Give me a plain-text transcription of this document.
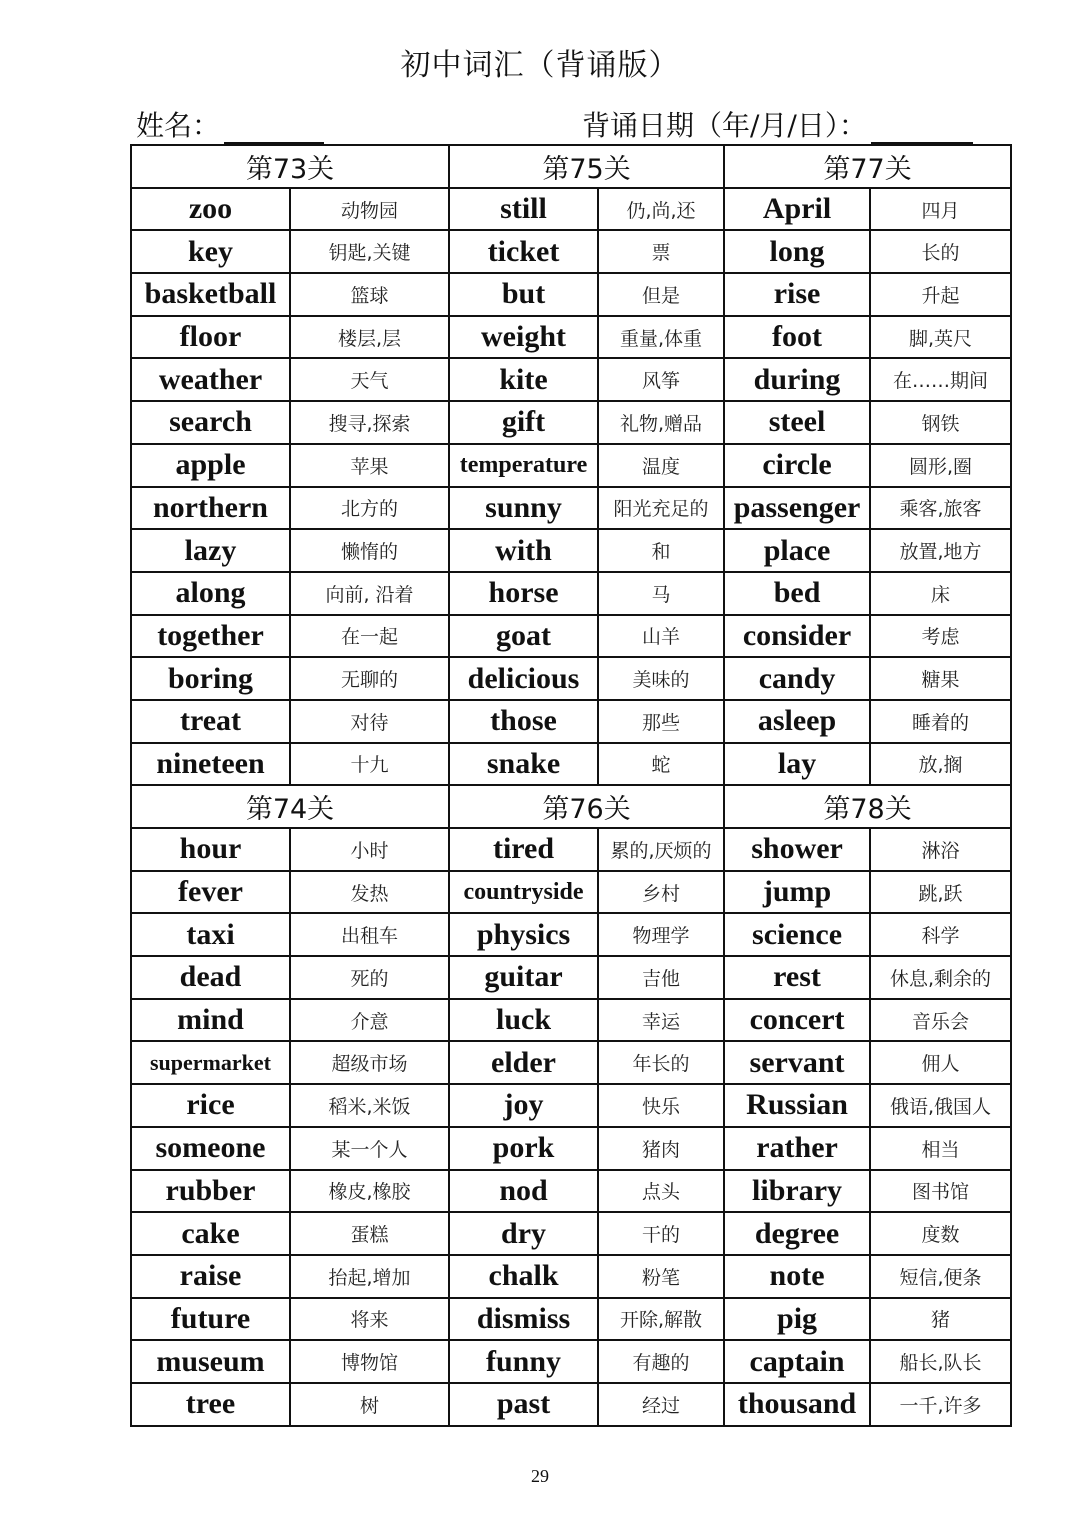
初中词汇（背诵版）
姓名：	背诵日期（年/月/日）：
第73关		第75关		第77关	
zoo	动物园	still	仍,尚,还	April	四月
key	钥匙,关键	ticket	票	long	长的
basketball	篮球	but	但是	rise	升起
floor	楼层,层	weight	重量,体重	foot	脚,英尺
weather	天气	kite	风筝	during	在……期间
search	搜寻,探索	gift	礼物,赠品	steel	钢铁
apple	苹果	temperature	温度	circle	圆形,圈
northern	北方的	sunny	阳光充足的	passenger	乘客,旅客
lazy	懒惰的	with	和	place	放置,地方
along	向前, 沿着	horse	马	bed	床
together	在一起	goat	山羊	consider	考虑
boring	无聊的	delicious	美味的	candy	糖果
treat	对待	those	那些	asleep	睡着的
nineteen	十九	snake	蛇	lay	放,搁
第74关		第76关		第78关	
hour	小时	tired	累的,厌烦的	shower	淋浴
fever	发热	countryside	乡村	jump	跳,跃
taxi	出租车	physics	物理学	science	科学
dead	死的	guitar	吉他	rest	休息,剩余的
mind	介意	luck	幸运	concert	音乐会
supermarket	超级市场	elder	年长的	servant	佣人
rice	稻米,米饭	joy	快乐	Russian	俄语,俄国人
someone	某一个人	pork	猪肉	rather	相当
rubber	橡皮,橡胶	nod	点头	library	图书馆
cake	蛋糕	dry	干的	degree	度数
raise	抬起,增加	chalk	粉笔	note	短信,便条
future	将来	dismiss	开除,解散	pig	猪
museum	博物馆	funny	有趣的	captain	船长,队长
tree	树	past	经过	thousand	一千,许多
29
